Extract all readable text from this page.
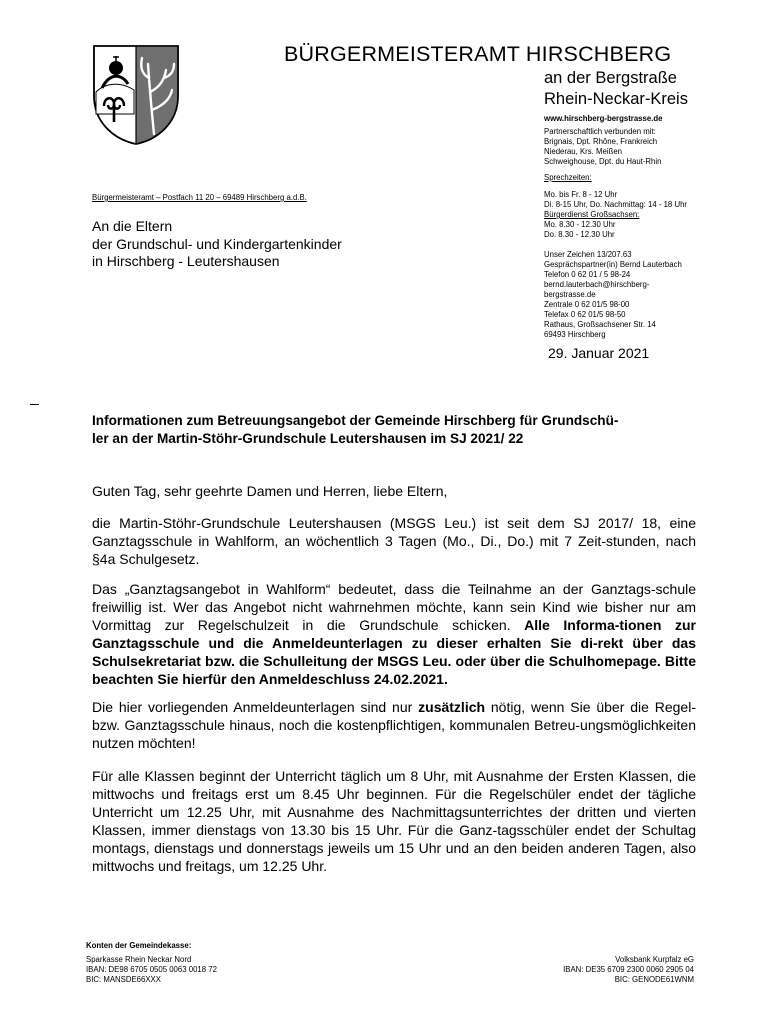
BÜRGERMEISTERAMT HIRSCHBERG
an der Bergstraße
Rhein-Neckar-Kreis
www.hirschberg-bergstrasse.de
Partnerschaftlich verbunden mit:
Brignais, Dpt. Rhône, Frankreich
Niederau, Krs. Meißen
Schweighouse, Dpt. du Haut-Rhin
Sprechzeiten:
Mo. bis Fr. 8 - 12 Uhr
Di. 8-15 Uhr, Do. Nachmittag: 14 - 18 Uhr
Bürgerdienst Großsachsen:
Mo. 8.30 - 12.30 Uhr
Do. 8.30 - 12.30 Uhr
Unser Zeichen 13/207.63
Gesprächspartner(in) Bernd Lauterbach
Telefon 0 62 01 / 5 98-24
bernd.lauterbach@hirschberg-
bergstrasse.de
Zentrale 0 62 01/5 98-00
Telefax 0 62 01/5 98-50
Rathaus, Großsachsener Str. 14
69493 Hirschberg
29. Januar 2021
Bürgermeisteramt – Postfach 11 20 – 69489 Hirschberg a.d.B.
An die Eltern
der Grundschul- und Kindergartenkinder
in Hirschberg - Leutershausen
Informationen zum Betreuungsangebot der Gemeinde Hirschberg für Grundschü-
ler an der Martin-Stöhr-Grundschule Leutershausen im SJ 2021/ 22
Guten Tag, sehr geehrte Damen und Herren, liebe Eltern,
die Martin-Stöhr-Grundschule Leutershausen (MSGS Leu.) ist seit dem SJ 2017/ 18, eine Ganztagsschule in Wahlform, an wöchentlich 3 Tagen (Mo., Di., Do.) mit 7 Zeit-stunden, nach §4a Schulgesetz.
Das „Ganztagsangebot in Wahlform“ bedeutet, dass die Teilnahme an der Ganztags-schule freiwillig ist. Wer das Angebot nicht wahrnehmen möchte, kann sein Kind wie bisher nur am Vormittag zur Regelschulzeit in die Grundschule schicken. Alle Informa-tionen zur Ganztagsschule und die Anmeldeunterlagen zu dieser erhalten Sie di-rekt über das Schulsekretariat bzw. die Schulleitung der MSGS Leu. oder über die Schulhomepage. Bitte beachten Sie hierfür den Anmeldeschluss 24.02.2021.
Die hier vorliegenden Anmeldeunterlagen sind nur zusätzlich nötig, wenn Sie über die Regel- bzw. Ganztagsschule hinaus, noch die kostenpflichtigen, kommunalen Betreu-ungsmöglichkeiten nutzen möchten!
Für alle Klassen beginnt der Unterricht täglich um 8 Uhr, mit Ausnahme der Ersten Klassen, die mittwochs und freitags erst um 8.45 Uhr beginnen. Für die Regelschüler endet der tägliche Unterricht um 12.25 Uhr, mit Ausnahme des Nachmittagsunterrichtes der dritten und vierten Klassen, immer dienstags von 13.30 bis 15 Uhr. Für die Ganz-tagsschüler endet der Schultag montags, dienstags und donnerstags jeweils um 15 Uhr und an den beiden anderen Tagen, also mittwochs und freitags, um 12.25 Uhr.
Konten der Gemeindekasse:
Sparkasse Rhein Neckar Nord
IBAN: DE98 6705 0505 0063 0018 72
BIC: MANSDE66XXX
Volksbank Kurpfalz eG
IBAN: DE35 6709 2300 0060 2905 04
BIC: GENODE61WNM
